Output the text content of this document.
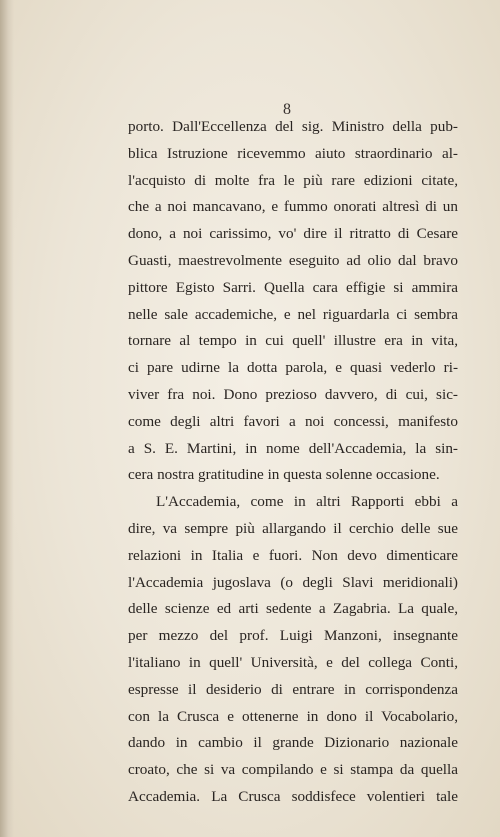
8
porto. Dall'Eccellenza del sig. Ministro della pub-
blica Istruzione ricevemmo aiuto straordinario al-
l'acquisto di molte fra le più rare edizioni citate,
che a noi mancavano, e fummo onorati altresì di un
dono, a noi carissimo, vo' dire il ritratto di Cesare
Guasti, maestrevolmente eseguito ad olio dal bravo
pittore Egisto Sarri. Quella cara effigie si ammira
nelle sale accademiche, e nel riguardarla ci sembra
tornare al tempo in cui quell' illustre era in vita,
ci pare udirne la dotta parola, e quasi vederlo ri-
viver fra noi. Dono prezioso davvero, di cui, sic-
come degli altri favori a noi concessi, manifesto
a S. E. Martini, in nome dell'Accademia, la sin-
cera nostra gratitudine in questa solenne occasione.
L'Accademia, come in altri Rapporti ebbi a
dire, va sempre più allargando il cerchio delle sue
relazioni in Italia e fuori. Non devo dimenticare
l'Accademia jugoslava (o degli Slavi meridionali)
delle scienze ed arti sedente a Zagabria. La quale,
per mezzo del prof. Luigi Manzoni, insegnante
l'italiano in quell' Università, e del collega Conti,
espresse il desiderio di entrare in corrispondenza
con la Crusca e ottenerne in dono il Vocabolario,
dando in cambio il grande Dizionario nazionale
croato, che si va compilando e si stampa da quella
Accademia. La Crusca soddisfece volentieri tale
